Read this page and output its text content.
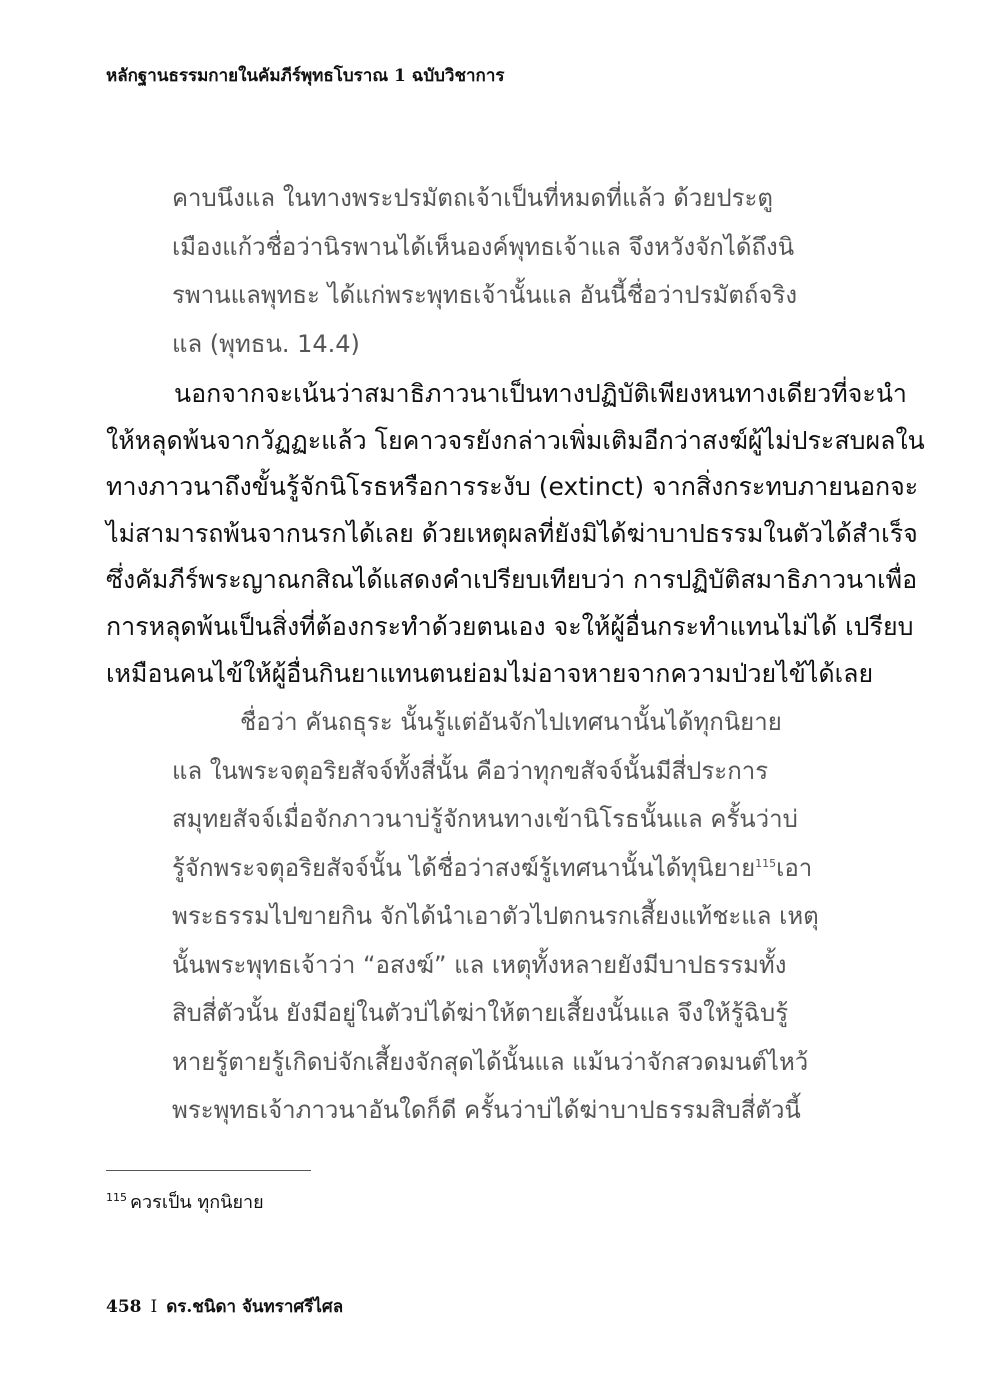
หลักฐานธรรมกายในคัมภีร์พุทธโบราณ 1 ฉบับวิชาการ
คาบนึงแล ในทางพระปรมัตถเจ้าเป็นที่หมดที่แล้ว ด้วยประตู
เมืองแก้วชื่อว่านิรพานได้เห็นองค์พุทธเจ้าแล จึงหวังจักได้ถึงนิ
รพานแลพุทธะ ได้แก่พระพุทธเจ้านั้นแล อันนี้ชื่อว่าปรมัตถ์จริง
แล (พุทธน. 14.4)
นอกจากจะเน้นว่าสมาธิภาวนาเป็นทางปฏิบัติเพียงหนทางเดียวที่จะนำ
ให้หลุดพ้นจากวัฏฏะแล้ว โยคาวจรยังกล่าวเพิ่มเติมอีกว่าสงฆ์ผู้ไม่ประสบผลใน
ทางภาวนาถึงขั้นรู้จักนิโรธหรือการระงับ (extinct) จากสิ่งกระทบภายนอกจะ
ไม่สามารถพ้นจากนรกได้เลย ด้วยเหตุผลที่ยังมิได้ฆ่าบาปธรรมในตัวได้สำเร็จ
ซึ่งคัมภีร์พระญาณกสิณได้แสดงคำเปรียบเทียบว่า การปฏิบัติสมาธิภาวนาเพื่อ
การหลุดพ้นเป็นสิ่งที่ต้องกระทำด้วยตนเอง จะให้ผู้อื่นกระทำแทนไม่ได้ เปรียบ
เหมือนคนไข้ให้ผู้อื่นกินยาแทนตนย่อมไม่อาจหายจากความป่วยไข้ได้เลย
ชื่อว่า คันถธุระ นั้นรู้แต่อันจักไปเทศนานั้นได้ทุกนิยาย
แล ในพระจตุอริยสัจจ์ทั้งสี่นั้น คือว่าทุกขสัจจ์นั้นมีสี่ประการ
สมุทยสัจจ์เมื่อจักภาวนาบ่รู้จักหนทางเข้านิโรธนั้นแล ครั้นว่าบ่
รู้จักพระจตุอริยสัจจ์นั้น ได้ชื่อว่าสงฆ์รู้เทศนานั้นได้ทุนิยาย$^{115}$เอา
พระธรรมไปขายกิน จักได้นำเอาตัวไปตกนรกเสี้ยงแท้ชะแล เหตุ
นั้นพระพุทธเจ้าว่า “อสงฆ์” แล เหตุทั้งหลายยังมีบาปธรรมทั้ง
สิบสี่ตัวนั้น ยังมีอยู่ในตัวบ่ได้ฆ่าให้ตายเสี้ยงนั้นแล จึงให้รู้ฉิบรู้
หายรู้ตายรู้เกิดบ่จักเสี้ยงจักสุดได้นั้นแล แม้นว่าจักสวดมนต์ไหว้
พระพุทธเจ้าภาวนาอันใดก็ดี ครั้นว่าบ่ได้ฆ่าบาปธรรมสิบสี่ตัวนี้
$^{115}$ ควรเป็น ทุกนิยาย
458 I ดร.ชนิดา จันทราศรีไศล
